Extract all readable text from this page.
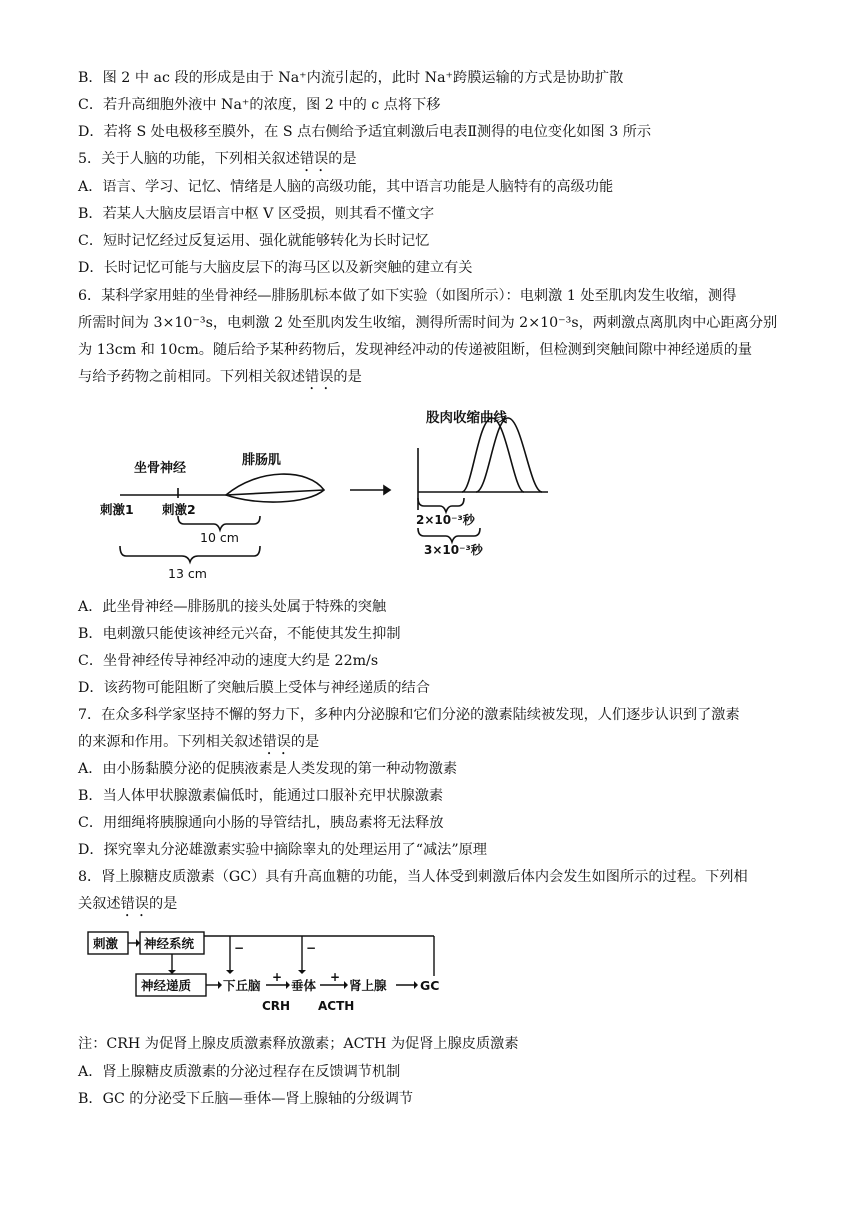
B．图 2 中 ac 段的形成是由于 Na⁺内流引起的，此时 Na⁺跨膜运输的方式是协助扩散
C．若升高细胞外液中 Na⁺的浓度，图 2 中的 c 点将下移
D．若将 S 处电极移至膜外，在 S 点右侧给予适宜刺激后电表Ⅱ测得的电位变化如图 3 所示
5．关于人脑的功能，下列相关叙述错误的是
A．语言、学习、记忆、情绪是人脑的高级功能，其中语言功能是人脑特有的高级功能
B．若某人大脑皮层语言中枢 V 区受损，则其看不懂文字
C．短时记忆经过反复运用、强化就能够转化为长时记忆
D．长时记忆可能与大脑皮层下的海马区以及新突触的建立有关
6．某科学家用蛙的坐骨神经—腓肠肌标本做了如下实验（如图所示）：电刺激 1 处至肌肉发生收缩，测得
所需时间为 3×10⁻³s，电刺激 2 处至肌肉发生收缩，测得所需时间为 2×10⁻³s，两刺激点离肌肉中心距离分别
为 13cm 和 10cm。随后给予某种药物后，发现神经冲动的传递被阻断，但检测到突触间隙中神经递质的量
与给予药物之前相同。下列相关叙述错误的是
坐骨神经
腓肠肌
刺激1 刺激2
10 cm
13 cm
股肉收缩曲线
2×10⁻³秒
3×10⁻³秒
A．此坐骨神经—腓肠肌的接头处属于特殊的突触
B．电刺激只能使该神经元兴奋，不能使其发生抑制
C．坐骨神经传导神经冲动的速度大约是 22m/s
D．该药物可能阻断了突触后膜上受体与神经递质的结合
7．在众多科学家坚持不懈的努力下，多种内分泌腺和它们分泌的激素陆续被发现，人们逐步认识到了激素
的来源和作用。下列相关叙述错误的是
A．由小肠黏膜分泌的促胰液素是人类发现的第一种动物激素
B．当人体甲状腺激素偏低时，能通过口服补充甲状腺激素
C．用细绳将胰腺通向小肠的导管结扎，胰岛素将无法释放
D．探究睾丸分泌雄激素实验中摘除睾丸的处理运用了“减法”原理
8．肾上腺糖皮质激素（GC）具有升高血糖的功能，当人体受到刺激后体内会发生如图所示的过程。下列相
关叙述错误的是
刺激 神经系统
神经递质	下丘脑 垂体	肾上腺	GC
CRH ACTH
+	+
−	−
注：CRH 为促肾上腺皮质激素释放激素；ACTH 为促肾上腺皮质激素
A．肾上腺糖皮质激素的分泌过程存在反馈调节机制
B．GC 的分泌受下丘脑—垂体—肾上腺轴的分级调节
